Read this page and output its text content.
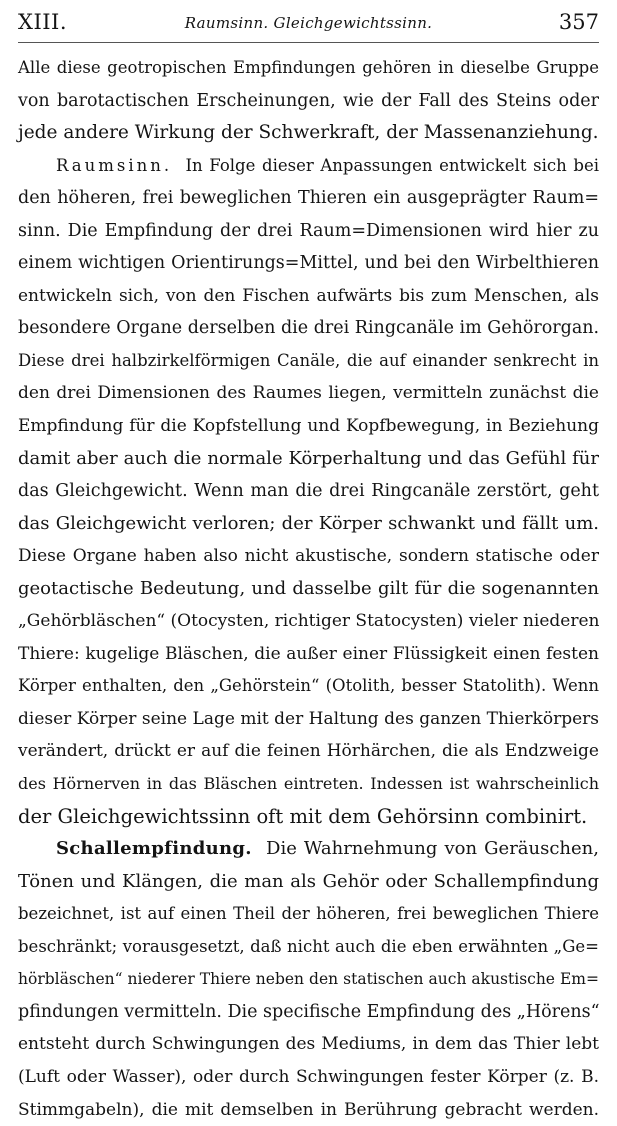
XIII.	Raumsinn. Gleichgewichtssinn.	357
Alle diese geotropischen Empfindungen gehören in dieselbe Gruppe
von barotactischen Erscheinungen, wie der Fall des Steins oder
jede andere Wirkung der Schwerkraft, der Massenanziehung.
Raumsinn. In Folge dieser Anpassungen entwickelt sich bei
den höheren, frei beweglichen Thieren ein ausgeprägter Raum=
sinn. Die Empfindung der drei Raum=Dimensionen wird hier zu
einem wichtigen Orientirungs=Mittel, und bei den Wirbelthieren
entwickeln sich, von den Fischen aufwärts bis zum Menschen, als
besondere Organe derselben die drei Ringcanäle im Gehörorgan.
Diese drei halbzirkelförmigen Canäle, die auf einander senkrecht in
den drei Dimensionen des Raumes liegen, vermitteln zunächst die
Empfindung für die Kopfstellung und Kopfbewegung, in Beziehung
damit aber auch die normale Körperhaltung und das Gefühl für
das Gleichgewicht. Wenn man die drei Ringcanäle zerstört, geht
das Gleichgewicht verloren; der Körper schwankt und fällt um.
Diese Organe haben also nicht akustische, sondern statische oder
geotactische Bedeutung, und dasselbe gilt für die sogenannten
„Gehörbläschen“ (Otocysten, richtiger Statocysten) vieler niederen
Thiere: kugelige Bläschen, die außer einer Flüssigkeit einen festen
Körper enthalten, den „Gehörstein“ (Otolith, besser Statolith). Wenn
dieser Körper seine Lage mit der Haltung des ganzen Thierkörpers
verändert, drückt er auf die feinen Hörhärchen, die als Endzweige
des Hörnerven in das Bläschen eintreten. Indessen ist wahrscheinlich
der Gleichgewichtssinn oft mit dem Gehörsinn combinirt.
Schallempfindung. Die Wahrnehmung von Geräuschen,
Tönen und Klängen, die man als Gehör oder Schallempfindung
bezeichnet, ist auf einen Theil der höheren, frei beweglichen Thiere
beschränkt; vorausgesetzt, daß nicht auch die eben erwähnten „Ge=
hörbläschen“ niederer Thiere neben den statischen auch akustische Em=
pfindungen vermitteln. Die specifische Empfindung des „Hörens“
entsteht durch Schwingungen des Mediums, in dem das Thier lebt
(Luft oder Wasser), oder durch Schwingungen fester Körper (z. B.
Stimmgabeln), die mit demselben in Berührung gebracht werden.
